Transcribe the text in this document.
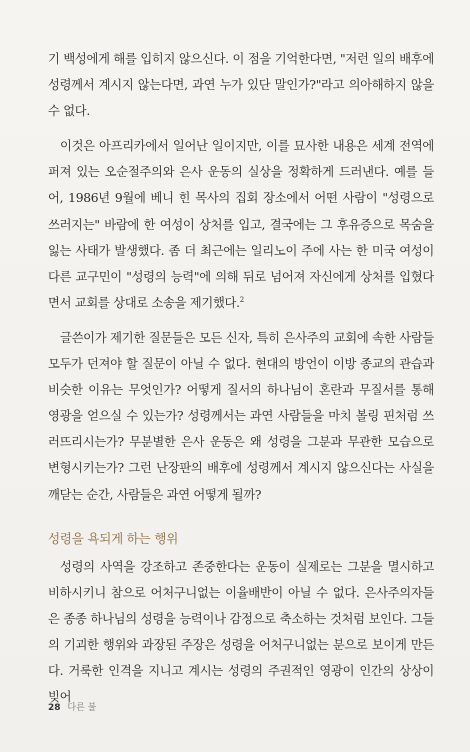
기 백성에게 해를 입히지 않으신다. 이 점을 기억한다면, "저런 일의 배후에 성령께서 계시지 않는다면, 과연 누가 있단 말인가?"라고 의아해하지 않을 수 없다.

이것은 아프리카에서 일어난 일이지만, 이를 묘사한 내용은 세계 전역에 퍼져 있는 오순절주의와 은사 운동의 실상을 정확하게 드러낸다. 예를 들어, 1986년 9월에 베니 힌 목사의 집회 장소에서 어떤 사람이 "성령으로 쓰러지는" 바람에 한 여성이 상처를 입고, 결국에는 그 후유증으로 목숨을 잃는 사태가 발생했다. 좀 더 최근에는 일리노이 주에 사는 한 미국 여성이 다른 교구민이 "성령의 능력"에 의해 뒤로 넘어져 자신에게 상처를 입혔다면서 교회를 상대로 소송을 제기했다.$^2$

글쓴이가 제기한 질문들은 모든 신자, 특히 은사주의 교회에 속한 사람들 모두가 던져야 할 질문이 아닐 수 없다. 현대의 방언이 이방 종교의 관습과 비슷한 이유는 무엇인가? 어떻게 질서의 하나님이 혼란과 무질서를 통해 영광을 얻으실 수 있는가? 성령께서는 과연 사람들을 마치 볼링 핀처럼 쓰러뜨리시는가? 무분별한 은사 운동은 왜 성령을 그분과 무관한 모습으로 변형시키는가? 그런 난장판의 배후에 성령께서 계시지 않으신다는 사실을 깨닫는 순간, 사람들은 과연 어떻게 될까?

성령을 욕되게 하는 행위

성령의 사역을 강조하고 존중한다는 운동이 실제로는 그분을 멸시하고 비하시키니 참으로 어처구니없는 이율배반이 아닐 수 없다. 은사주의자들은 종종 하나님의 성령을 능력이나 감정으로 축소하는 것처럼 보인다. 그들의 기괴한 행위와 과장된 주장은 성령을 어처구니없는 분으로 보이게 만든다. 거룩한 인격을 지니고 계시는 성령의 주권적인 영광이 인간의 상상이 빚어

28 다른 불
